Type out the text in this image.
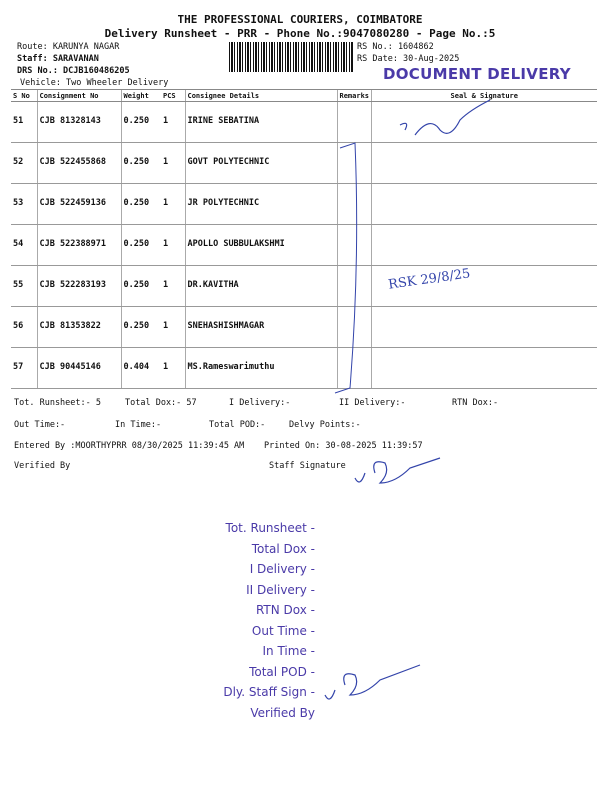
THE PROFESSIONAL COURIERS, COIMBATORE
Delivery Runsheet - PRR - Phone No.:9047080280 - Page No.:5
Route: KARUNYA NAGAR
Staff: SARAVANAN
DRS No.: DCJB160486205
Vehicle: Two Wheeler Delivery
RS No.: 1604862
RS Date: 30-Aug-2025
DOCUMENT DELIVERY
S No	Consignment No	Weight	PCS	Consignee Details	Remarks	Seal & Signature
51	CJB 81328143	0.250	1	IRINE SEBATINA		
52	CJB 522455868	0.250	1	GOVT POLYTECHNIC		
53	CJB 522459136	0.250	1	JR POLYTECHNIC		
54	CJB 522388971	0.250	1	APOLLO SUBBULAKSHMI		
55	CJB 522283193	0.250	1	DR.KAVITHA		
56	CJB 81353822	0.250	1	SNEHASHISHMAGAR		
57	CJB 90445146	0.404	1	MS.Rameswarimuthu		
RSK 29/8/25
Tot. Runsheet:- 5	Total Dox:- 57	I Delivery:-	II Delivery:-	RTN Dox:-
Out Time:-	In Time:-	Total POD:-	Delvy Points:-
Entered By :MOORTHYPRR 08/30/2025 11:39:45 AM Printed On: 30-08-2025 11:39:57
Verified By	Staff Signature
Tot. Runsheet -
Total Dox -
I Delivery -
II Delivery -
RTN Dox -
Out Time -
In Time -
Total POD -
Dly. Staff Sign -
Verified By
